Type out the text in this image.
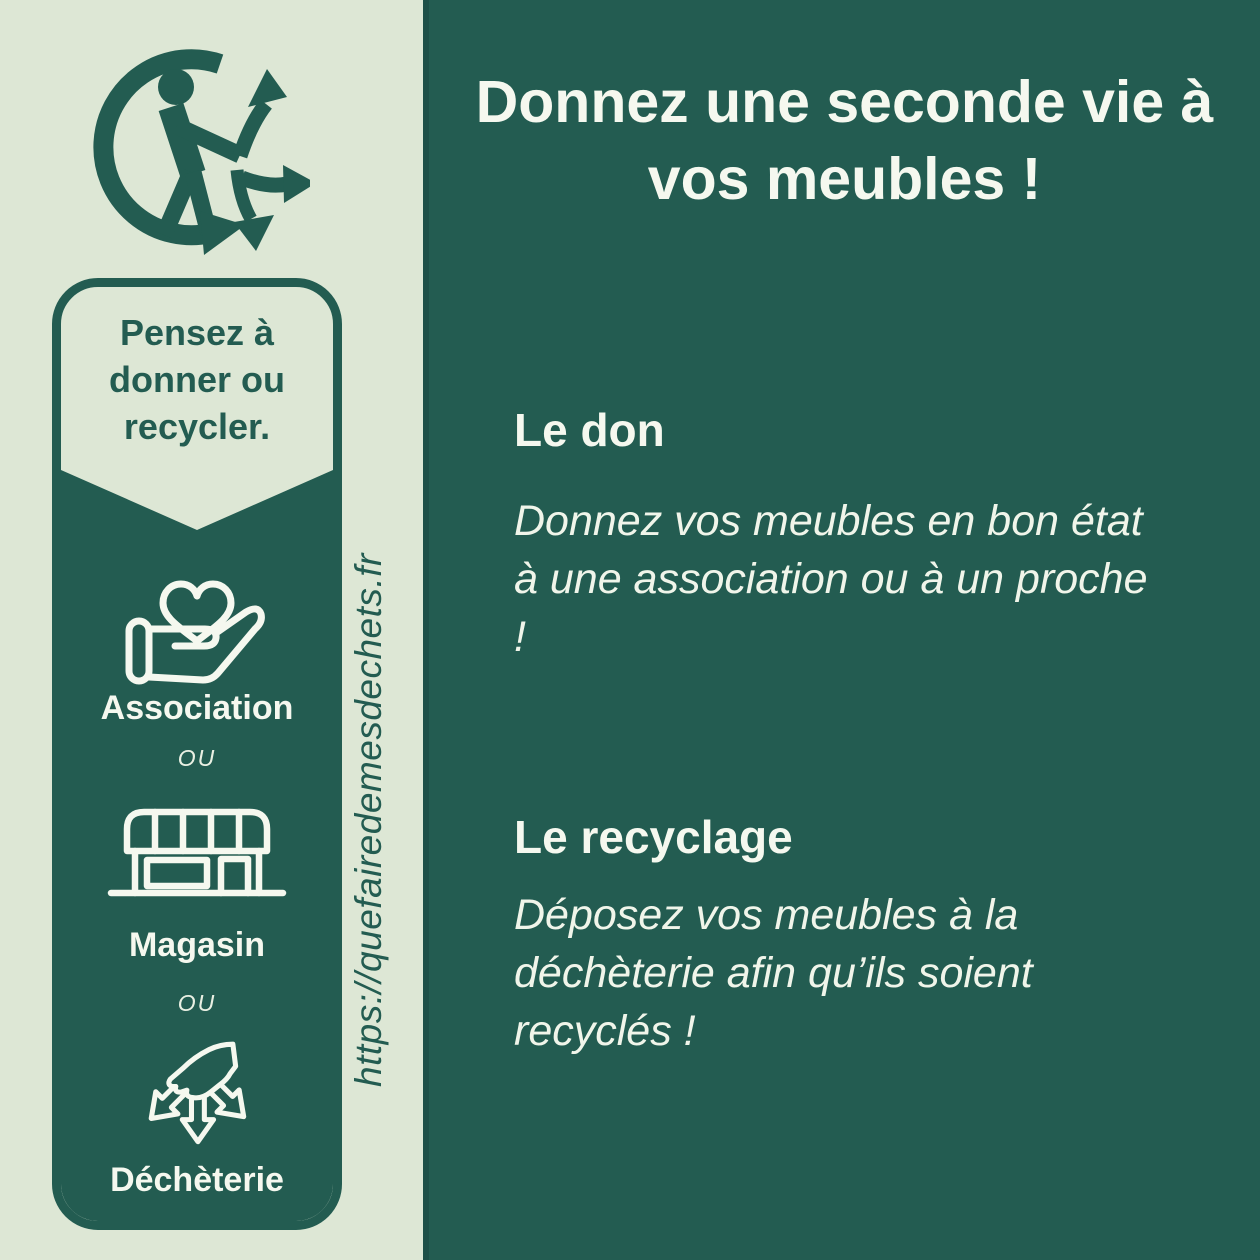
https://quefairedemesdechets.fr

Pensez à donner ou recycler.

Association
OU
Magasin
OU
Déchèterie
Donnez une seconde vie à vos meubles !
Le don

Donnez vos meubles en bon état à une association ou à un proche !

Le recyclage

Déposez vos meubles à la déchèterie afin qu’ils soient recyclés !
